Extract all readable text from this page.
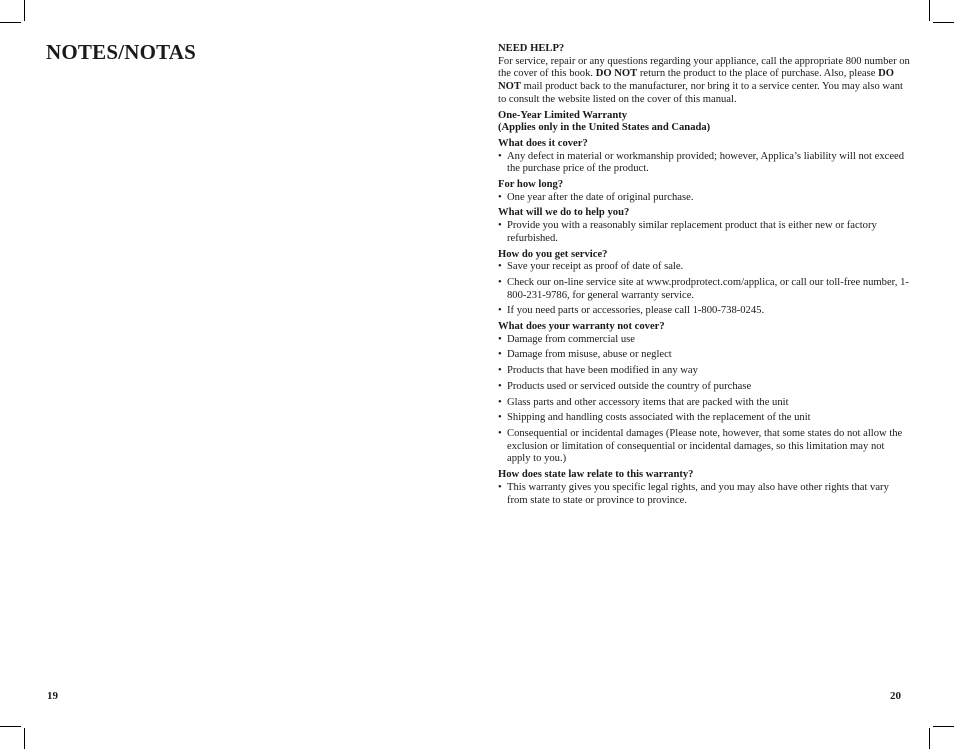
NOTES/NOTAS
19

NEED HELP?

For service, repair or any questions regarding your appliance, call the appropriate 800 number on the cover of this book. DO NOT return the product to the place of purchase. Also, please DO NOT mail product back to the manufacturer, nor bring it to a service center. You may also want to consult the website listed on the cover of this manual.

One-Year Limited Warranty

(Applies only in the United States and Canada)

What does it cover?

• Any defect in material or workmanship provided; however, Applica’s liability will not exceed the purchase price of the product.

For how long?

• One year after the date of original purchase.

What will we do to help you?

• Provide you with a reasonably similar replacement product that is either new or factory refurbished.

How do you get service?

• Save your receipt as proof of date of sale.

• Check our on-line service site at www.prodprotect.com/applica, or call our toll-free number, 1-800-231-9786, for general warranty service.

• If you need parts or accessories, please call 1-800-738-0245.

What does your warranty not cover?

• Damage from commercial use

• Damage from misuse, abuse or neglect

• Products that have been modified in any way

• Products used or serviced outside the country of purchase

• Glass parts and other accessory items that are packed with the unit

• Shipping and handling costs associated with the replacement of the unit

• Consequential or incidental damages (Please note, however, that some states do not allow the exclusion or limitation of consequential or incidental damages, so this limitation may not apply to you.)

How does state law relate to this warranty?

• This warranty gives you specific legal rights, and you may also have other rights that vary from state to state or province to province.

20
